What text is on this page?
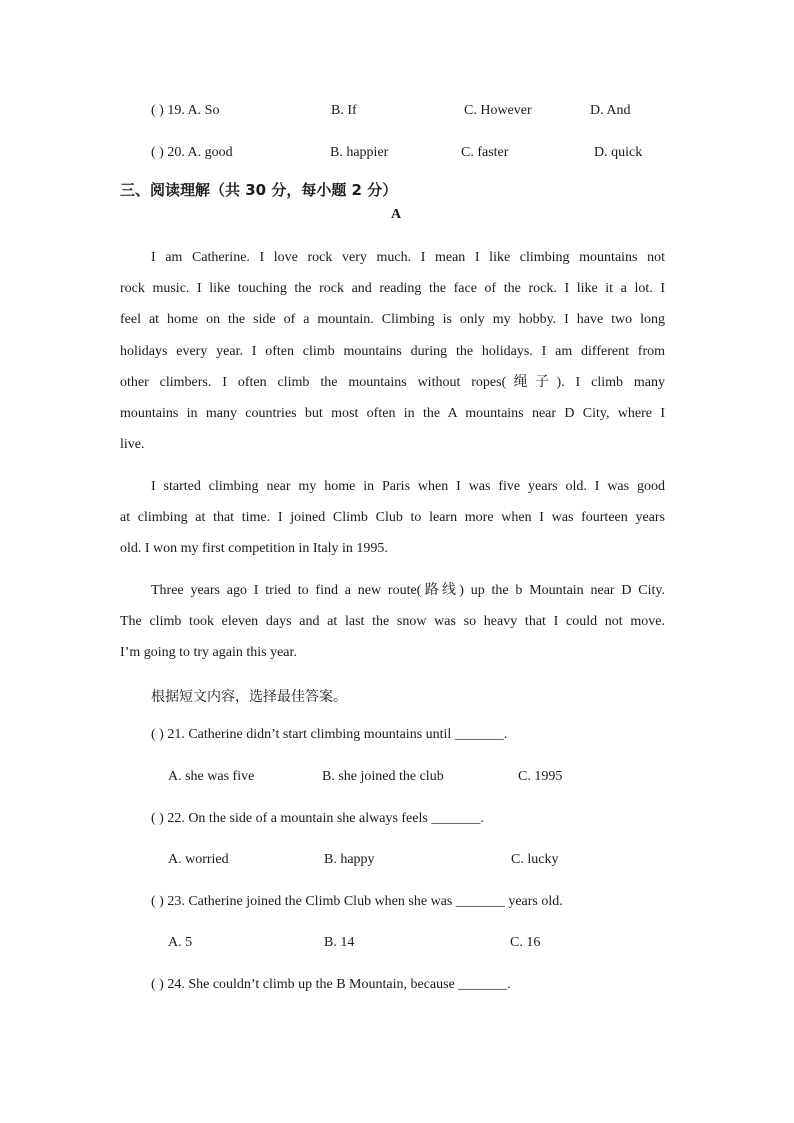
( ) 19. A. So	B. If	C. However	D. And
( ) 20. A. good	B. happier	C. faster	D. quick
三、阅读理解（共 30 分，每小题 2 分）
A
I am Catherine. I love rock very much. I mean I like climbing mountains not
rock music. I like touching the rock and reading the face of the rock. I like it a lot. I
feel at home on the side of a mountain. Climbing is only my hobby. I have two long
holidays every year. I often climb mountains during the holidays. I am different from
other climbers. I often climb the mountains without ropes(绳子). I climb many
mountains in many countries but most often in the A mountains near D City, where I
live.
I started climbing near my home in Paris when I was five years old. I was good
at climbing at that time. I joined Climb Club to learn more when I was fourteen years
old. I won my first competition in Italy in 1995.
Three years ago I tried to find a new route(路线) up the b Mountain near D City.
The climb took eleven days and at last the snow was so heavy that I could not move.
I’m going to try again this year.
根据短文内容，选择最佳答案。
( ) 21. Catherine didn’t start climbing mountains until _______.
A. she was five	B. she joined the club	C. 1995
( ) 22. On the side of a mountain she always feels _______.
A. worried	B. happy	C. lucky
( ) 23. Catherine joined the Climb Club when she was _______ years old.
A. 5	B. 14	C. 16
( ) 24. She couldn’t climb up the B Mountain, because _______.
